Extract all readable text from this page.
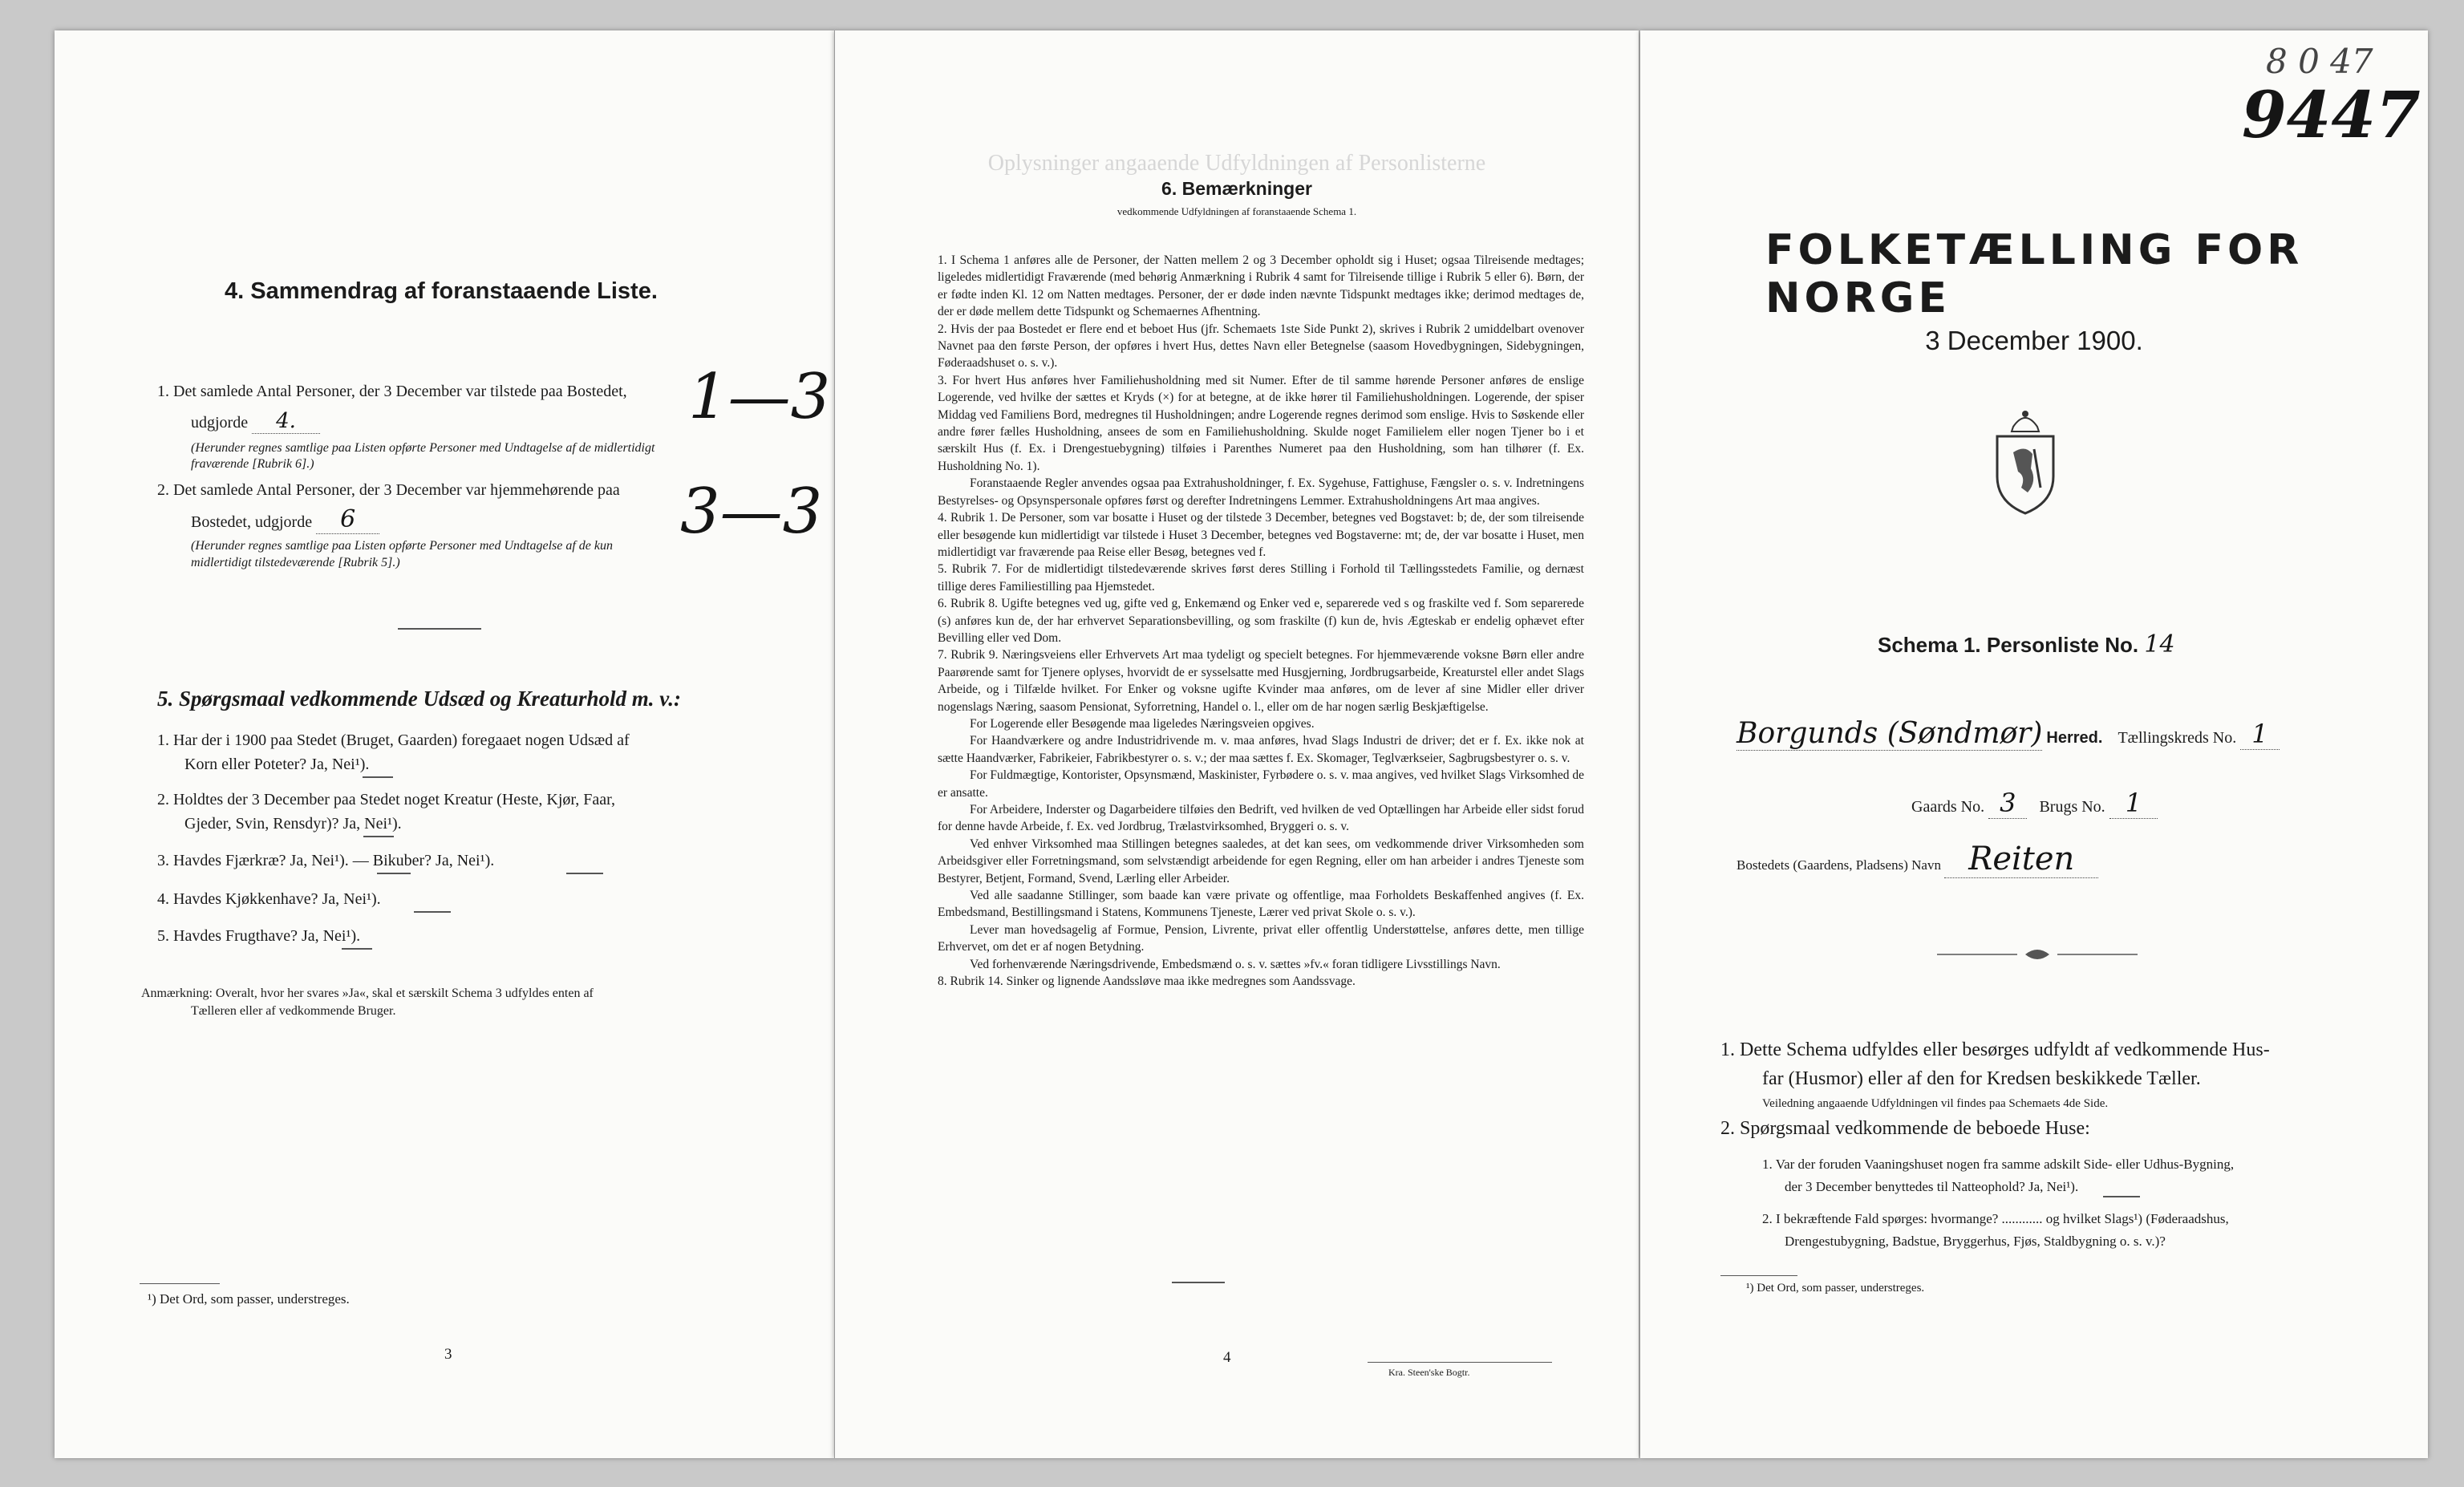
4. Sammendrag af foranstaaende Liste.
1. Det samlede Antal Personer, der 3 December var tilstede paa Bostedet,
udgjorde 4.
(Herunder regnes samtlige paa Listen opførte Personer med Undtagelse af de midlertidigt
fraværende [Rubrik 6].)
2. Det samlede Antal Personer, der 3 December var hjemmehørende paa
Bostedet, udgjorde 6
(Herunder regnes samtlige paa Listen opførte Personer med Undtagelse af de kun
midlertidigt tilstedeværende [Rubrik 5].)
1—3
3—3
5. Spørgsmaal vedkommende Udsæd og Kreaturhold m. v.:
1. Har der i 1900 paa Stedet (Bruget, Gaarden) foregaaet nogen Udsæd af
Korn eller Poteter? Ja, Nei¹).
2. Holdtes der 3 December paa Stedet noget Kreatur (Heste, Kjør, Faar,
Gjeder, Svin, Rensdyr)? Ja, Nei¹).
3. Havdes Fjærkræ? Ja, Nei¹). — Bikuber? Ja, Nei¹).
4. Havdes Kjøkkenhave? Ja, Nei¹).
5. Havdes Frugthave? Ja, Nei¹).
Anmærkning: Overalt, hvor her svares »Ja«, skal et særskilt Schema 3 udfyldes enten af
Tælleren eller af vedkommende Bruger.
¹) Det Ord, som passer, understreges.
3
Oplysninger angaaende Udfyldningen af Personlisterne
6. Bemærkninger
vedkommende Udfyldningen af foranstaaende Schema 1.

1. I Schema 1 anføres alle de Personer, der Natten mellem 2 og 3 December opholdt sig i Huset; ogsaa Tilreisende medtages; ligeledes midlertidigt Fraværende (med behørig Anmærkning i Rubrik 4 samt for Tilreisende tillige i Rubrik 5 eller 6). Børn, der er fødte inden Kl. 12 om Natten medtages. Personer, der er døde inden nævnte Tidspunkt medtages ikke; derimod medtages de, der er døde mellem dette Tidspunkt og Schemaernes Afhentning.

2. Hvis der paa Bostedet er flere end et beboet Hus (jfr. Schemaets 1ste Side Punkt 2), skrives i Rubrik 2 umiddelbart ovenover Navnet paa den første Person, der opføres i hvert Hus, dettes Navn eller Betegnelse (saasom Hovedbygningen, Sidebygningen, Føderaadshuset o. s. v.).

3. For hvert Hus anføres hver Familiehusholdning med sit Numer. Efter de til samme hørende Personer anføres de enslige Logerende, ved hvilke der sættes et Kryds (×) for at betegne, at de ikke hører til Familiehusholdningen. Logerende, der spiser Middag ved Familiens Bord, medregnes til Husholdningen; andre Logerende regnes derimod som enslige. Hvis to Søskende eller andre fører fælles Husholdning, ansees de som en Familiehusholdning. Skulde noget Familielem eller nogen Tjener bo i et særskilt Hus (f. Ex. i Drengestuebygning) tilføies i Parenthes Numeret paa den Husholdning, som han tilhører (f. Ex. Husholdning No. 1).

Foranstaaende Regler anvendes ogsaa paa Extrahusholdninger, f. Ex. Sygehuse, Fattighuse, Fængsler o. s. v. Indretningens Bestyrelses- og Opsynspersonale opføres først og derefter Indretningens Lemmer. Extrahusholdningens Art maa angives.

4. Rubrik 1. De Personer, som var bosatte i Huset og der tilstede 3 December, betegnes ved Bogstavet: b; de, der som tilreisende eller besøgende kun midlertidigt var tilstede i Huset 3 December, betegnes ved Bogstaverne: mt; de, der var bosatte i Huset, men midlertidigt var fraværende paa Reise eller Besøg, betegnes ved f.

5. Rubrik 7. For de midlertidigt tilstedeværende skrives først deres Stilling i Forhold til Tællingsstedets Familie, og dernæst tillige deres Familiestilling paa Hjemstedet.

6. Rubrik 8. Ugifte betegnes ved ug, gifte ved g, Enkemænd og Enker ved e, separerede ved s og fraskilte ved f. Som separerede (s) anføres kun de, der har erhvervet Separationsbevilling, og som fraskilte (f) kun de, hvis Ægteskab er endelig ophævet efter Bevilling eller ved Dom.

7. Rubrik 9. Næringsveiens eller Erhvervets Art maa tydeligt og specielt betegnes. For hjemmeværende voksne Børn eller andre Paarørende samt for Tjenere oplyses, hvorvidt de er sysselsatte med Husgjerning, Jordbrugsarbeide, Kreaturstel eller andet Slags Arbeide, og i Tilfælde hvilket. For Enker og voksne ugifte Kvinder maa anføres, om de lever af sine Midler eller driver nogenslags Næring, saasom Pensionat, Syforretning, Handel o. l., eller om de har nogen særlig Beskjæftigelse.

For Logerende eller Besøgende maa ligeledes Næringsveien opgives.

For Haandværkere og andre Industridrivende m. v. maa anføres, hvad Slags Industri de driver; det er f. Ex. ikke nok at sætte Haandværker, Fabrikeier, Fabrikbestyrer o. s. v.; der maa sættes f. Ex. Skomager, Teglværkseier, Sagbrugsbestyrer o. s. v.

For Fuldmægtige, Kontorister, Opsynsmænd, Maskinister, Fyrbødere o. s. v. maa angives, ved hvilket Slags Virksomhed de er ansatte.

For Arbeidere, Inderster og Dagarbeidere tilføies den Bedrift, ved hvilken de ved Optællingen har Arbeide eller sidst forud for denne havde Arbeide, f. Ex. ved Jordbrug, Trælastvirksomhed, Bryggeri o. s. v.

Ved enhver Virksomhed maa Stillingen betegnes saaledes, at det kan sees, om vedkommende driver Virksomheden som Arbeidsgiver eller Forretningsmand, som selvstændigt arbeidende for egen Regning, eller om han arbeider i andres Tjeneste som Bestyrer, Betjent, Formand, Svend, Lærling eller Arbeider.

Ved alle saadanne Stillinger, som baade kan være private og offentlige, maa Forholdets Beskaffenhed angives (f. Ex. Embedsmand, Bestillingsmand i Statens, Kommunens Tjeneste, Lærer ved privat Skole o. s. v.).

Lever man hovedsagelig af Formue, Pension, Livrente, privat eller offentlig Understøttelse, anføres dette, men tillige Erhvervet, om det er af nogen Betydning.

Ved forhenværende Næringsdrivende, Embedsmænd o. s. v. sættes »fv.« foran tidligere Livsstillings Navn.

8. Rubrik 14. Sinker og lignende Aandssløve maa ikke medregnes som Aandssvage.

4
Kra. Steen'ske Bogtr.
8 0 47
9447
FOLKETÆLLING FOR NORGE
3 December 1900.
Schema 1. Personliste No. 14
Borgunds (Søndmør) Herred. Tællingskreds No. 1
Gaards No. 3 Brugs No. 1
Bostedets (Gaardens, Pladsens) Navn Reiten
1. Dette Schema udfyldes eller besørges udfyldt af vedkommende Hus-
far (Husmor) eller af den for Kredsen beskikkede Tæller.
Veiledning angaaende Udfyldningen vil findes paa Schemaets 4de Side.
2. Spørgsmaal vedkommende de beboede Huse:
1. Var der foruden Vaaningshuset nogen fra samme adskilt Side- eller Udhus-Bygning,
der 3 December benyttedes til Natteophold? Ja, Nei¹).
2. I bekræftende Fald spørges: hvormange? ............ og hvilket Slags¹) (Føderaadshus,
Drengestubygning, Badstue, Bryggerhus, Fjøs, Staldbygning o. s. v.)?
¹) Det Ord, som passer, understreges.
